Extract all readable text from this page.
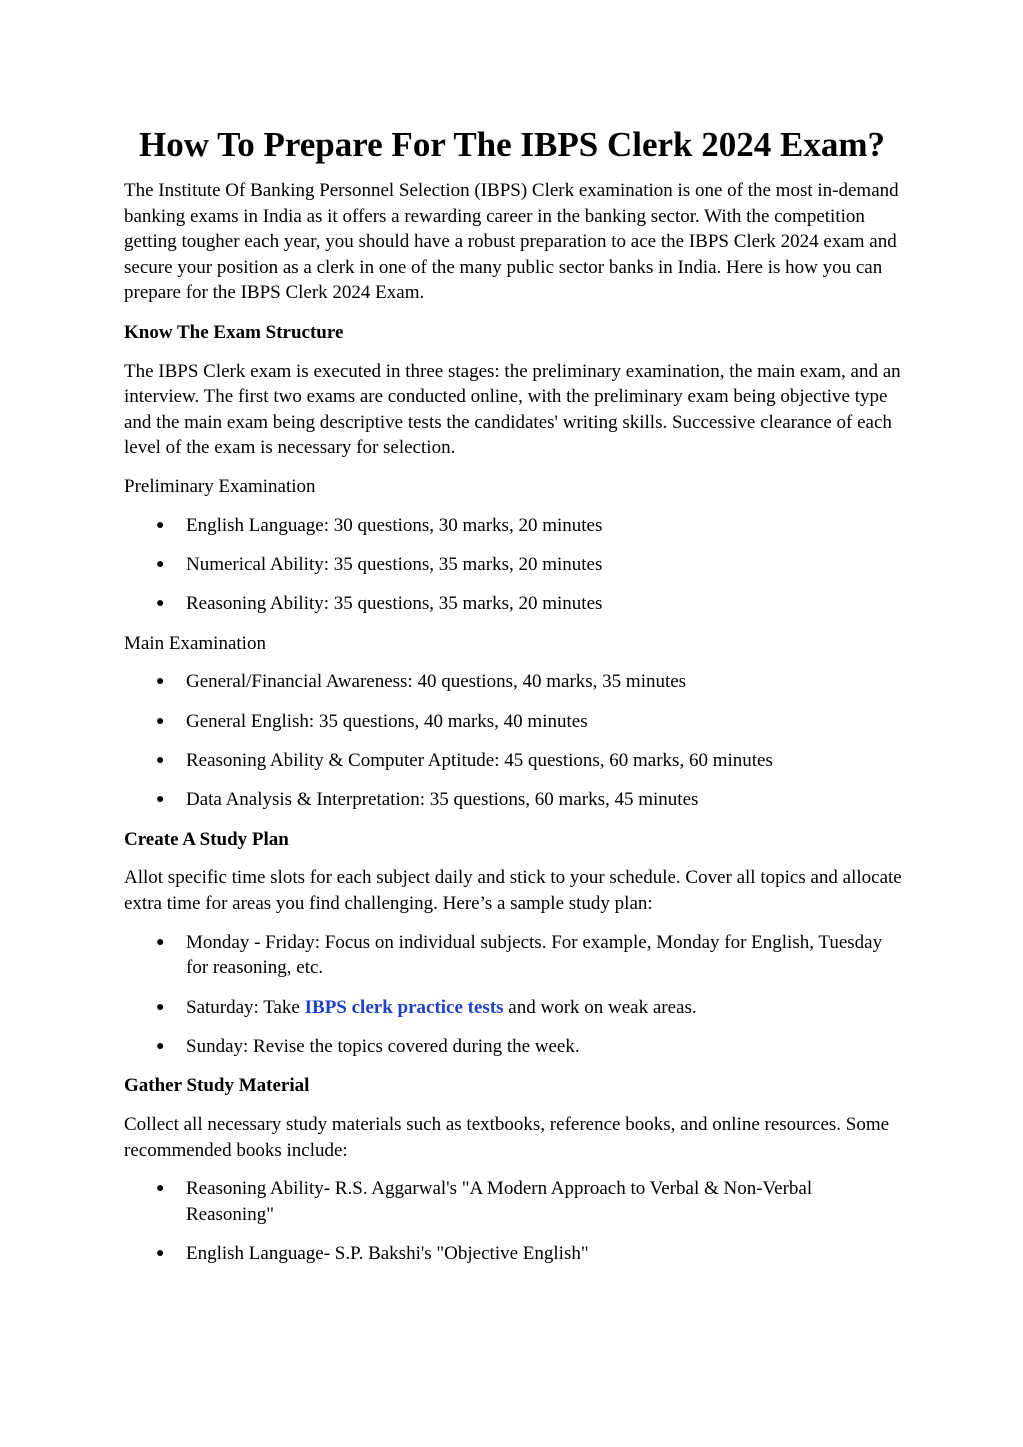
How To Prepare For The IBPS Clerk 2024 Exam?

The Institute Of Banking Personnel Selection (IBPS) Clerk examination is one of the most in-demand banking exams in India as it offers a rewarding career in the banking sector. With the competition getting tougher each year, you should have a robust preparation to ace the IBPS Clerk 2024 exam and secure your position as a clerk in one of the many public sector banks in India. Here is how you can prepare for the IBPS Clerk 2024 Exam.

Know The Exam Structure

The IBPS Clerk exam is executed in three stages: the preliminary examination, the main exam, and an interview. The first two exams are conducted online, with the preliminary exam being objective type and the main exam being descriptive tests the candidates' writing skills. Successive clearance of each level of the exam is necessary for selection.

Preliminary Examination

● English Language: 30 questions, 30 marks, 20 minutes
● Numerical Ability: 35 questions, 35 marks, 20 minutes
● Reasoning Ability: 35 questions, 35 marks, 20 minutes

Main Examination

● General/Financial Awareness: 40 questions, 40 marks, 35 minutes
● General English: 35 questions, 40 marks, 40 minutes
● Reasoning Ability & Computer Aptitude: 45 questions, 60 marks, 60 minutes
● Data Analysis & Interpretation: 35 questions, 60 marks, 45 minutes

Create A Study Plan

Allot specific time slots for each subject daily and stick to your schedule. Cover all topics and allocate extra time for areas you find challenging. Here’s a sample study plan:

● Monday - Friday: Focus on individual subjects. For example, Monday for English, Tuesday for reasoning, etc.
● Saturday: Take IBPS clerk practice tests and work on weak areas.
● Sunday: Revise the topics covered during the week.

Gather Study Material

Collect all necessary study materials such as textbooks, reference books, and online resources. Some recommended books include:

● Reasoning Ability- R.S. Aggarwal's "A Modern Approach to Verbal & Non-Verbal Reasoning"
● English Language- S.P. Bakshi's "Objective English"
